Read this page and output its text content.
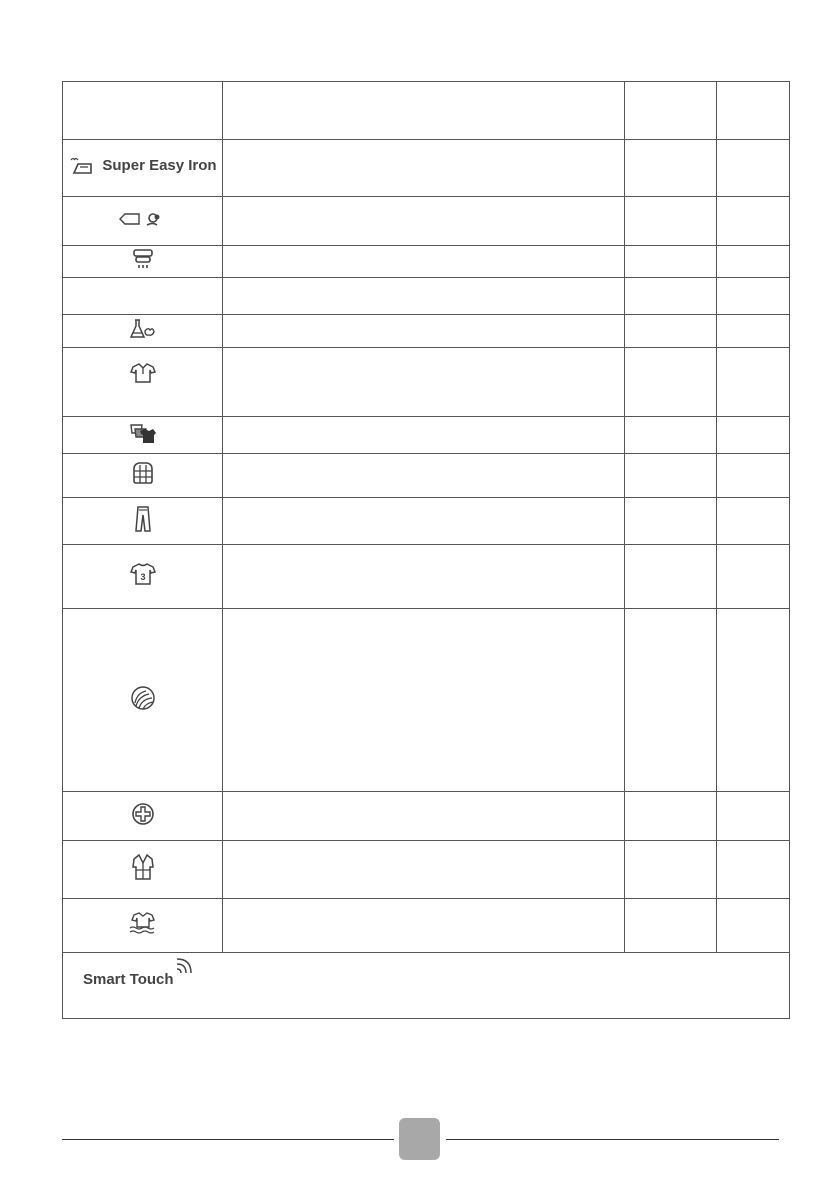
Super Easy Iron			

3			

Smart Touch			
